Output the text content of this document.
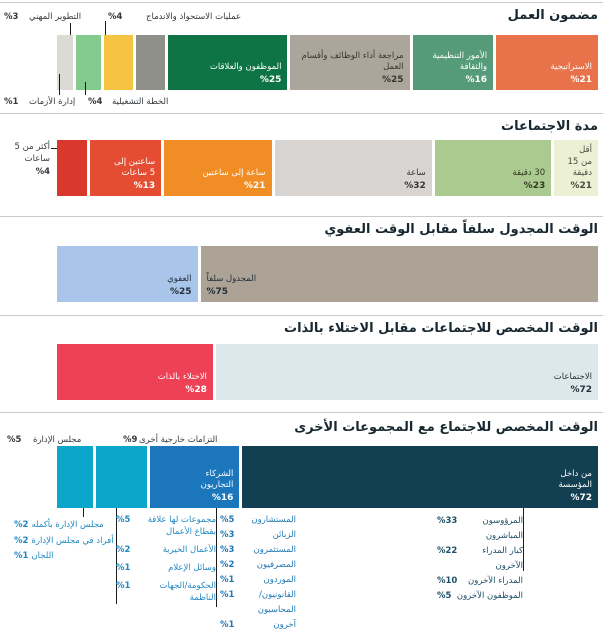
مضمون العمل
%3 التطوير المهني	%4	عمليات الاستحواذ والاندماج
الاستراتيجية
%21
الأمور التنظيمية
والثقافة
%16
مراجعة أداء الوظائف وأقسام
العمل
%25
الموظفون والعلاقات
%25
%1 إدارة الأزمات %4 الخطة التشغيلية
مدة الاجتماعات
أكثر من 5
ساعات
%4
أقل
من 15
دقيقة
%21
30 دقيقة
%23
ساعة
%32
ساعة إلى ساعتين
%21
ساعتين إلى
5 ساعات
%13
الوقت المجدول سلفاً مقابل الوقت العفوي
المجدول سلفاً
%75
العفوي
%25
الوقت المخصص للاجتماعات مقابل الاختلاء بالذات
الاجتماعات
%72
الاختلاء بالذات
%28
الوقت المخصص للاجتماع مع المجموعات الأخرى
%5 مجلس الإدارة	%9 التزامات خارجية أخرى
من داخل
المؤسسة
%72
الشركاء
التجاريون
%16
مجلس الإدارة بأكمله
%2
أفراد في مجلس الإدارة
%2
اللجان
%1
مجموعات لها علاقة بقطاع الأعمال
%5
الأعمال الخيرية
%2
وسائل الإعلام
%1
الحكومة/الجهات الناظمة
%1
المستشارون
%5
الزبائن
%3
المستثمرون
%3
المصرفيون
%2
الموردون
%1
القانونيون/المحاسبون
%1
آخرون
%1
المرؤوسون المباشرون
%33
كبار المدراء الآخرون
%22
المدراء الآخرون
%10
الموظفون الآخرون
%5
